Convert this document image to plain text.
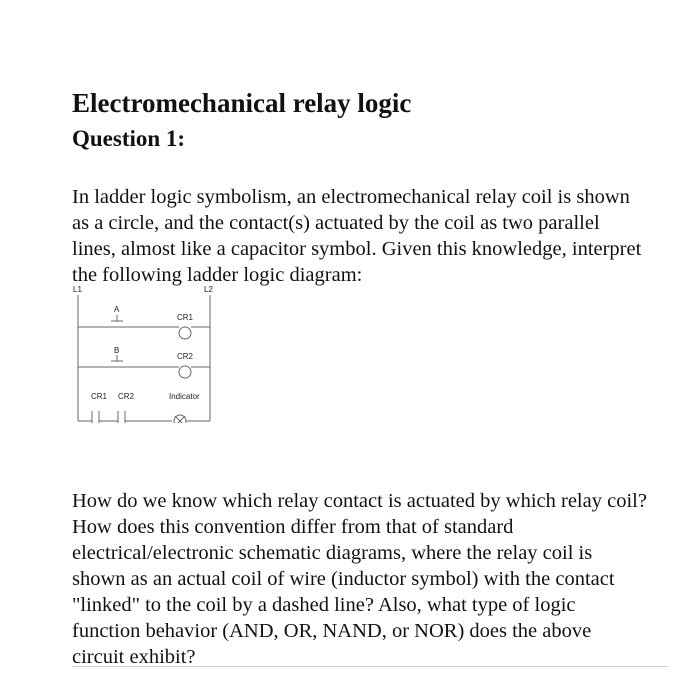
Electromechanical relay logic
Question 1:

In ladder logic symbolism, an electromechanical relay coil is shown as a circle, and the contact(s) actuated by the coil as two parallel lines, almost like a capacitor symbol. Given this knowledge, interpret the following ladder logic diagram:

L1	L2
A
CR1
B
CR2
CR1 CR2	Indicator

How do we know which relay contact is actuated by which relay coil? How does this convention differ from that of standard electrical/electronic schematic diagrams, where the relay coil is shown as an actual coil of wire (inductor symbol) with the contact "linked" to the coil by a dashed line? Also, what type of logic function behavior (AND, OR, NAND, or NOR) does the above circuit exhibit?
